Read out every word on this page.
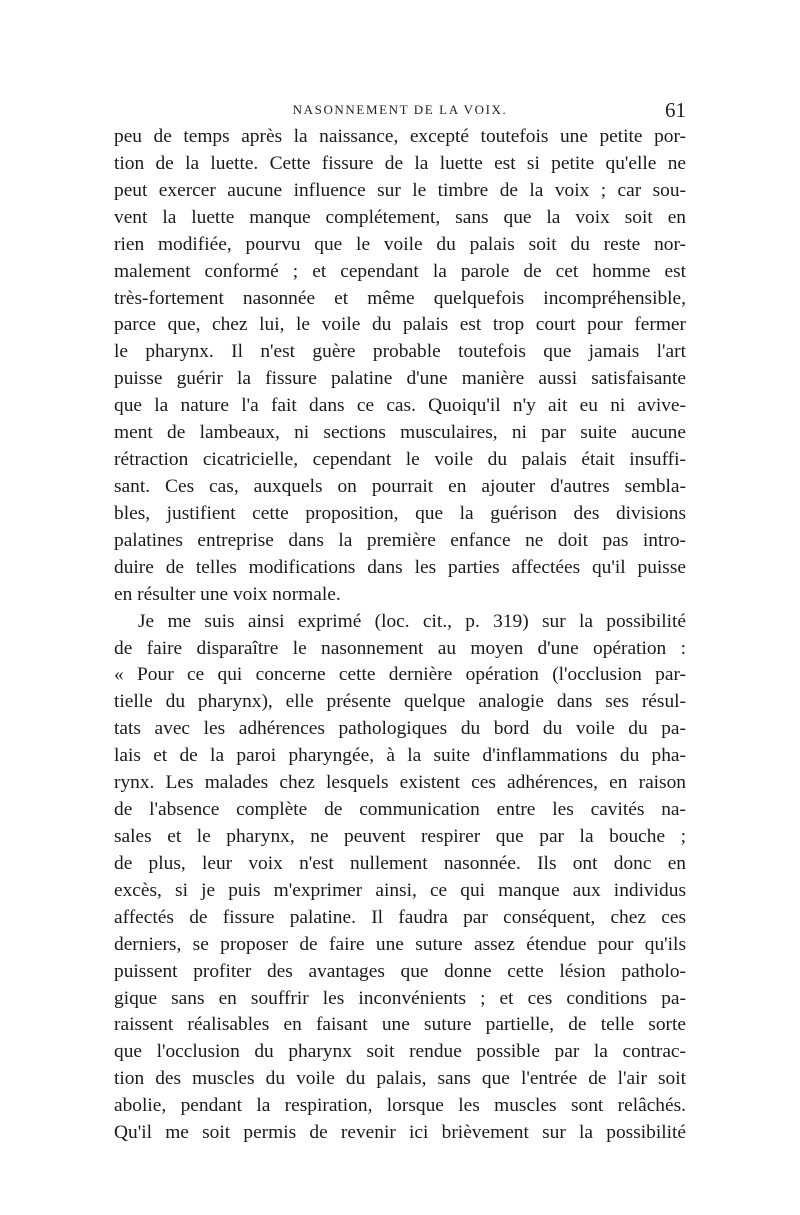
NASONNEMENT DE LA VOIX.	61
peu de temps après la naissance, excepté toutefois une petite por-
tion de la luette. Cette fissure de la luette est si petite qu'elle ne
peut exercer aucune influence sur le timbre de la voix ; car sou-
vent la luette manque complétement, sans que la voix soit en
rien modifiée, pourvu que le voile du palais soit du reste nor-
malement conformé ; et cependant la parole de cet homme est
très-fortement nasonnée et même quelquefois incompréhensible,
parce que, chez lui, le voile du palais est trop court pour fermer
le pharynx. Il n'est guère probable toutefois que jamais l'art
puisse guérir la fissure palatine d'une manière aussi satisfaisante
que la nature l'a fait dans ce cas. Quoiqu'il n'y ait eu ni avive-
ment de lambeaux, ni sections musculaires, ni par suite aucune
rétraction cicatricielle, cependant le voile du palais était insuffi-
sant. Ces cas, auxquels on pourrait en ajouter d'autres sembla-
bles, justifient cette proposition, que la guérison des divisions
palatines entreprise dans la première enfance ne doit pas intro-
duire de telles modifications dans les parties affectées qu'il puisse
en résulter une voix normale.
Je me suis ainsi exprimé (loc. cit., p. 319) sur la possibilité
de faire disparaître le nasonnement au moyen d'une opération :
« Pour ce qui concerne cette dernière opération (l'occlusion par-
tielle du pharynx), elle présente quelque analogie dans ses résul-
tats avec les adhérences pathologiques du bord du voile du pa-
lais et de la paroi pharyngée, à la suite d'inflammations du pha-
rynx. Les malades chez lesquels existent ces adhérences, en raison
de l'absence complète de communication entre les cavités na-
sales et le pharynx, ne peuvent respirer que par la bouche ;
de plus, leur voix n'est nullement nasonnée. Ils ont donc en
excès, si je puis m'exprimer ainsi, ce qui manque aux individus
affectés de fissure palatine. Il faudra par conséquent, chez ces
derniers, se proposer de faire une suture assez étendue pour qu'ils
puissent profiter des avantages que donne cette lésion patholo-
gique sans en souffrir les inconvénients ; et ces conditions pa-
raissent réalisables en faisant une suture partielle, de telle sorte
que l'occlusion du pharynx soit rendue possible par la contrac-
tion des muscles du voile du palais, sans que l'entrée de l'air soit
abolie, pendant la respiration, lorsque les muscles sont relâchés.
Qu'il me soit permis de revenir ici brièvement sur la possibilité
